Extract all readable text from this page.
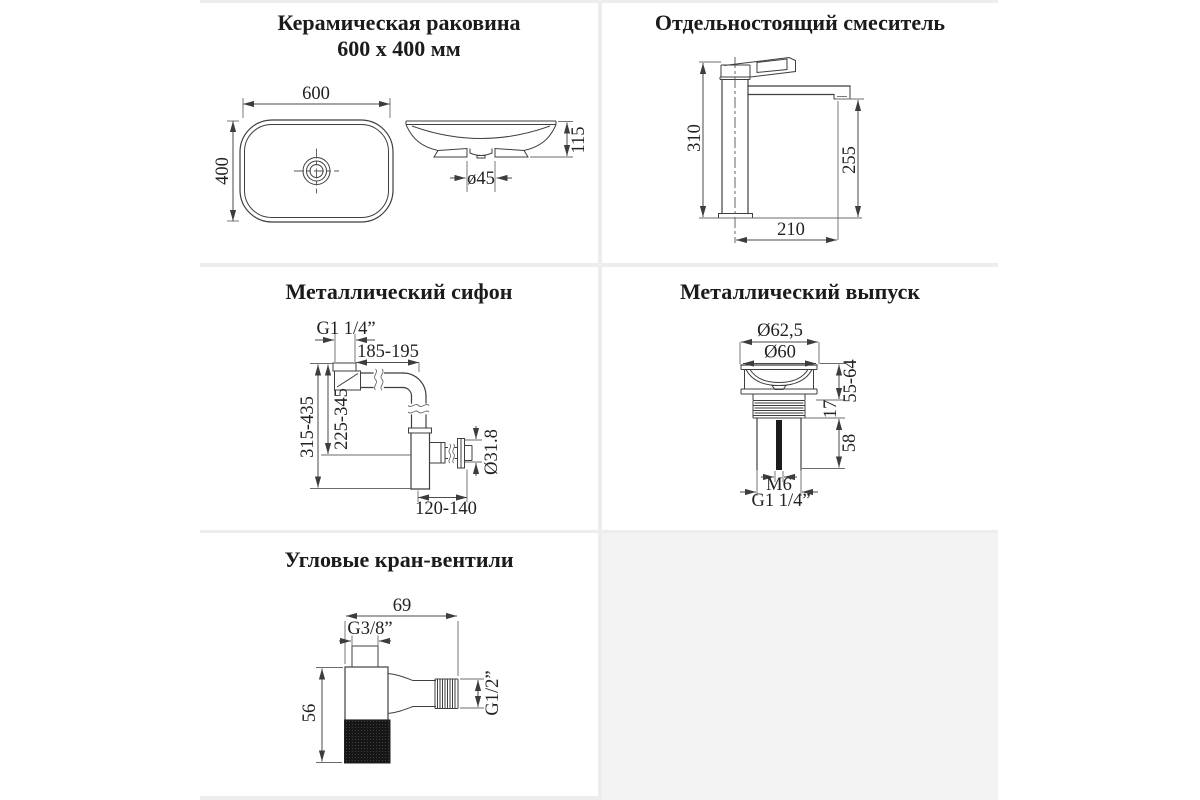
Керамическая раковина
600 x 400 мм
600
400
115
ø45
Отдельностоящий смеситель
310
255
210
Металлический сифон
G1 1/4”
185-195
315-435 225-345
Ø31.8
120-140
Металлический выпуск
Ø62,5
Ø60
55-64
17
58
M6
G1 1/4”
Угловые кран-вентили
69
G3/8”
56	G1/2”
